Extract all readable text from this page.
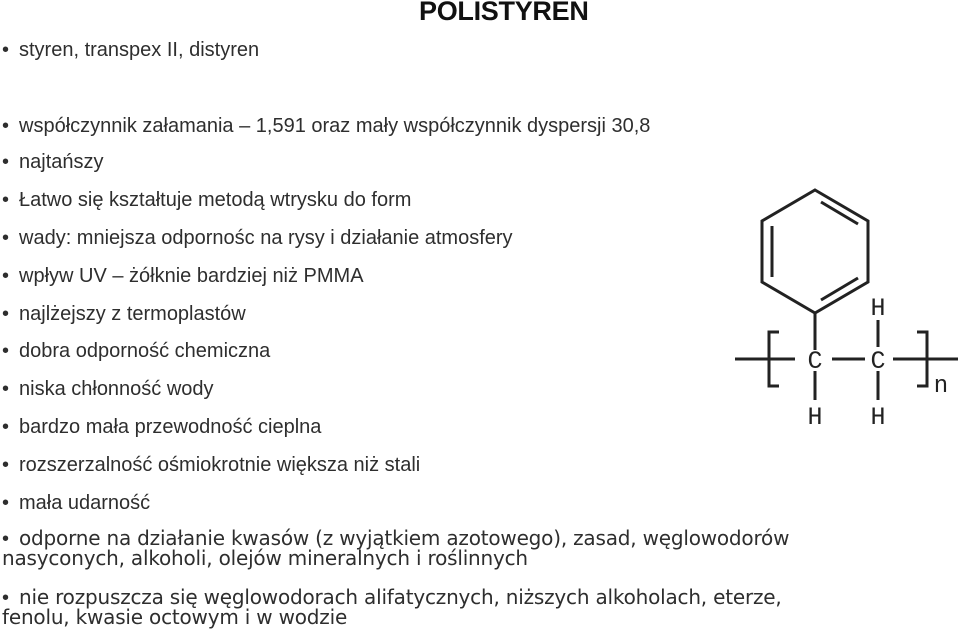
POLISTYREN
• styren, transpex II, distyren
• współczynnik załamania – 1,591 oraz mały współczynnik dyspersji 30,8
• najtańszy
• Łatwo się kształtuje metodą wtrysku do form
• wady: mniejsza odpornośc na rysy i działanie atmosfery
• wpływ UV – żółknie bardziej niż PMMA
• najlżejszy z termoplastów
• dobra odporność chemiczna
• niska chłonność wody
• bardzo mała przewodność cieplna
• rozszerzalność ośmiokrotnie większa niż stali
• mała udarność
• odporne na działanie kwasów (z wyjątkiem azotowego), zasad, węglowodorów
nasyconych, alkoholi, olejów mineralnych i roślinnych
• nie rozpuszcza się węglowodorach alifatycznych, niższych alkoholach, eterze,
fenolu, kwasie octowym i w wodzie
C C
H
H H
n
